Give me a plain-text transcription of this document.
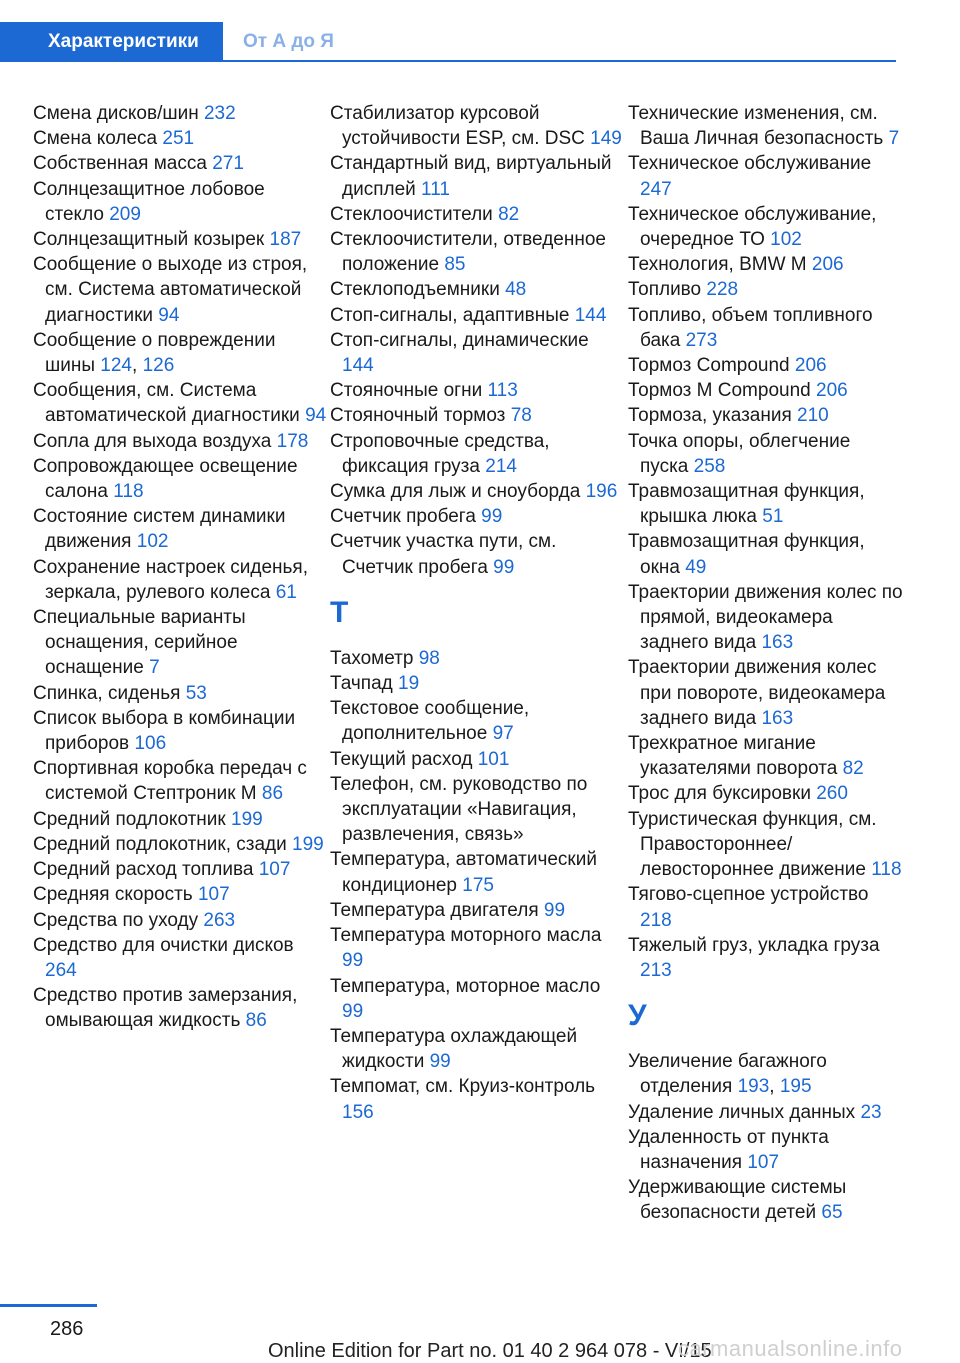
Характеристики	От А до Я

Смена дисков/шин 232

Смена колеса 251

Собственная масса 271

Солнцезащитное лобовое стекло 209

Солнцезащитный козырек 187

Сообщение о выходе из строя, см. Система автоматической диагностики 94

Сообщение о повреждении шины 124, 126

Сообщения, см. Система автоматической диагностики 94

Сопла для выхода воздуха 178

Сопровождающее освещение салона 118

Состояние систем динамики движения 102

Сохранение настроек сиденья, зеркала, рулевого колеса 61

Специальные варианты оснащения, серийное оснащение 7

Спинка, сиденья 53

Список выбора в комбинации приборов 106

Спортивная коробка передач с системой Стептроник М 86

Средний подлокотник 199

Средний подлокотник, сзади 199

Средний расход топлива 107

Средняя скорость 107

Средства по уходу 263

Средство для очистки дисков 264

Средство против замерзания, омывающая жидкость 86

Стабилизатор курсовой устойчивости ESP, см. DSC 149

Стандартный вид, виртуальный дисплей 111

Стеклоочистители 82

Стеклоочистители, отведенное положение 85

Стеклоподъемники 48

Стоп-сигналы, адаптивные 144

Стоп-сигналы, динамические 144

Стояночные огни 113

Стояночный тормоз 78

Строповочные средства, фиксация груза 214

Сумка для лыж и сноуборда 196

Счетчик пробега 99

Счетчик участка пути, см. Счетчик пробега 99

Т

Тахометр 98

Тачпад 19

Текстовое сообщение, дополнительное 97

Текущий расход 101

Телефон, см. руководство по эксплуатации «Навигация, развлечения, связь»

Температура, автоматический кондиционер 175

Температура двигателя 99

Температура моторного масла 99

Температура, моторное масло 99

Температура охлаждающей жидкости 99

Темпомат, см. Круиз-контроль 156

Технические изменения, см. Ваша Личная безопасность 7

Техническое обслуживание 247

Техническое обслуживание, очередное ТО 102

Технология, BMW M 206

Топливо 228

Топливо, объем топливного бака 273

Тормоз Compound 206

Тормоз M Compound 206

Тормоза, указания 210

Точка опоры, облегчение пуска 258

Травмозащитная функция, крышка люка 51

Травмозащитная функция, окна 49

Траектории движения колес по прямой, видеокамера заднего вида 163

Траектории движения колес при повороте, видеокамера заднего вида 163

Трехкратное мигание указателями поворота 82

Трос для буксировки 260

Туристическая функция, см. Правостороннее/левостороннее движение 118

Тягово-сцепное устройство 218

Тяжелый груз, укладка груза 213

У

Увеличение багажного отделения 193, 195

Удаление личных данных 23

Удаленность от пункта назначения 107

Удерживающие системы безопасности детей 65

286
Online Edition for Part no. 01 40 2 964 078 - VI/15
carmanualsonline.info
